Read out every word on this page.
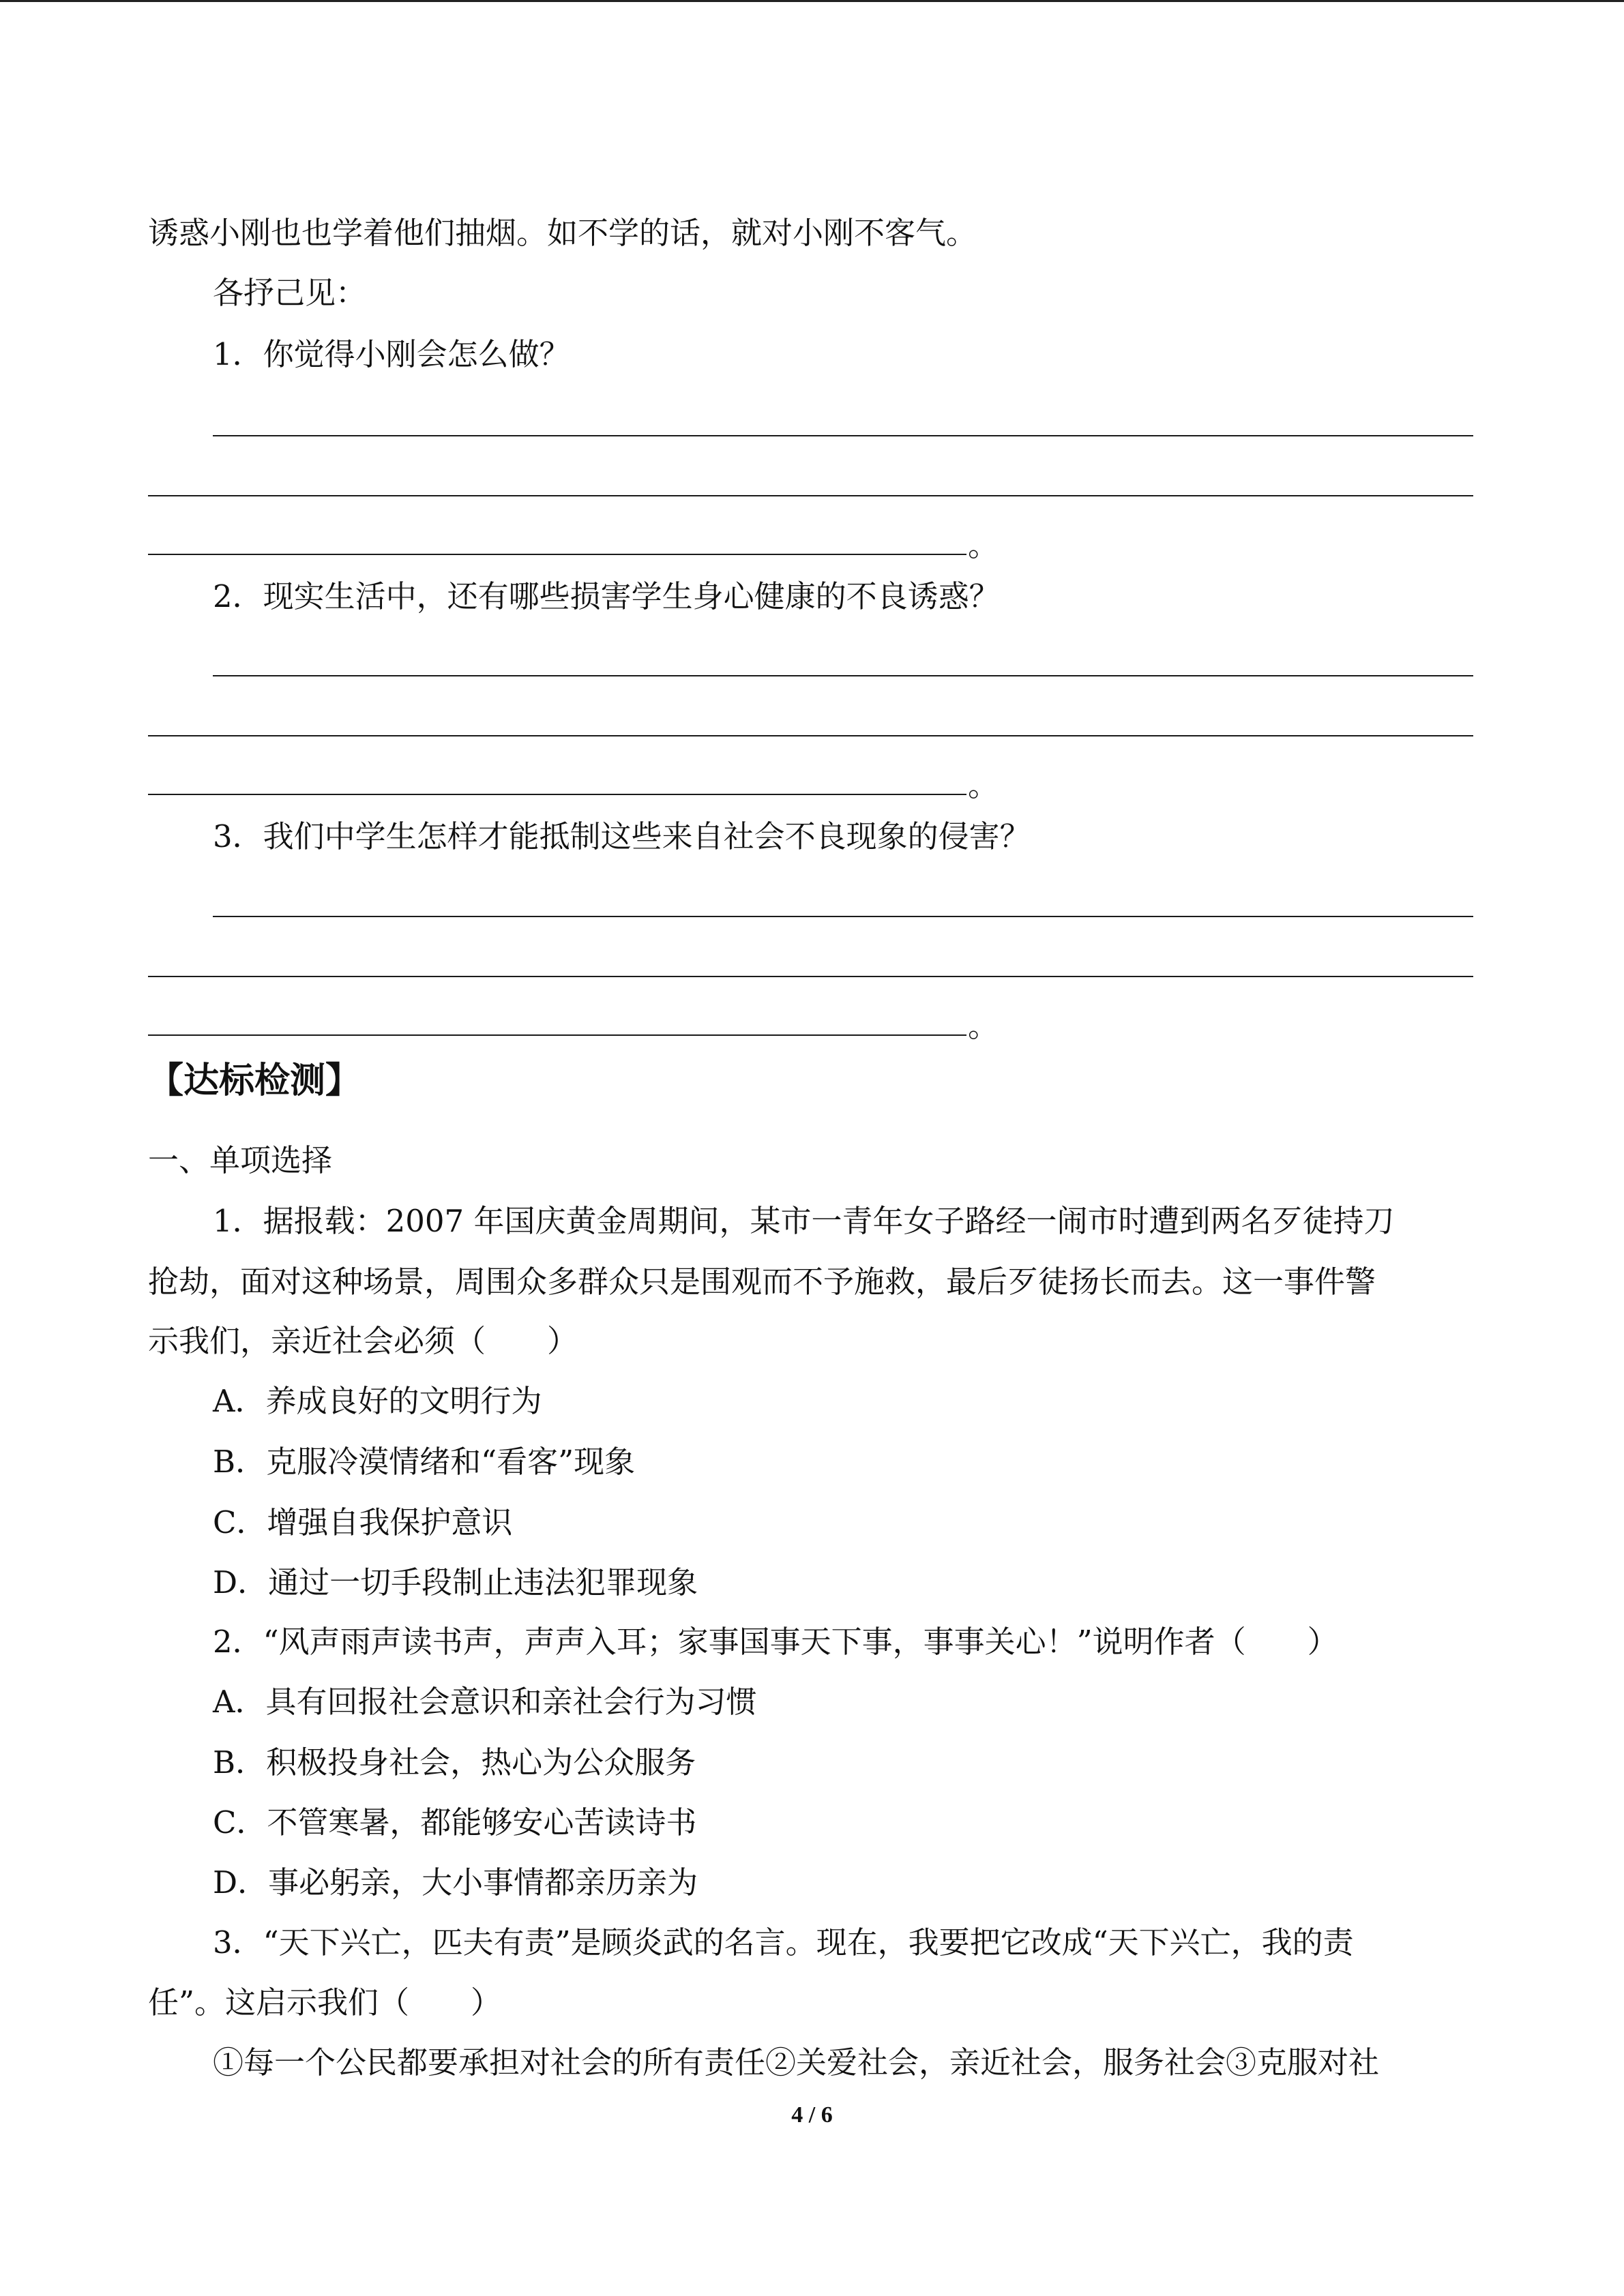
诱惑小刚也也学着他们抽烟。如不学的话，就对小刚不客气。
各抒己见：
1．你觉得小刚会怎么做？
。
2．现实生活中，还有哪些损害学生身心健康的不良诱惑？
。
3．我们中学生怎样才能抵制这些来自社会不良现象的侵害？
。
【达标检测】
一、单项选择
1．据报载：2007 年国庆黄金周期间，某市一青年女子路经一闹市时遭到两名歹徒持刀
抢劫，面对这种场景，周围众多群众只是围观而不予施救，最后歹徒扬长而去。这一事件警
示我们，亲近社会必须（　　）
A．养成良好的文明行为
B．克服冷漠情绪和“看客”现象
C．增强自我保护意识
D．通过一切手段制止违法犯罪现象
2．“风声雨声读书声，声声入耳；家事国事天下事，事事关心！”说明作者（　　）
A．具有回报社会意识和亲社会行为习惯
B．积极投身社会，热心为公众服务
C．不管寒暑，都能够安心苦读诗书
D．事必躬亲，大小事情都亲历亲为
3．“天下兴亡，匹夫有责”是顾炎武的名言。现在，我要把它改成“天下兴亡，我的责
任”。这启示我们（　　）
①每一个公民都要承担对社会的所有责任②关爱社会，亲近社会，服务社会③克服对社
4 / 6
